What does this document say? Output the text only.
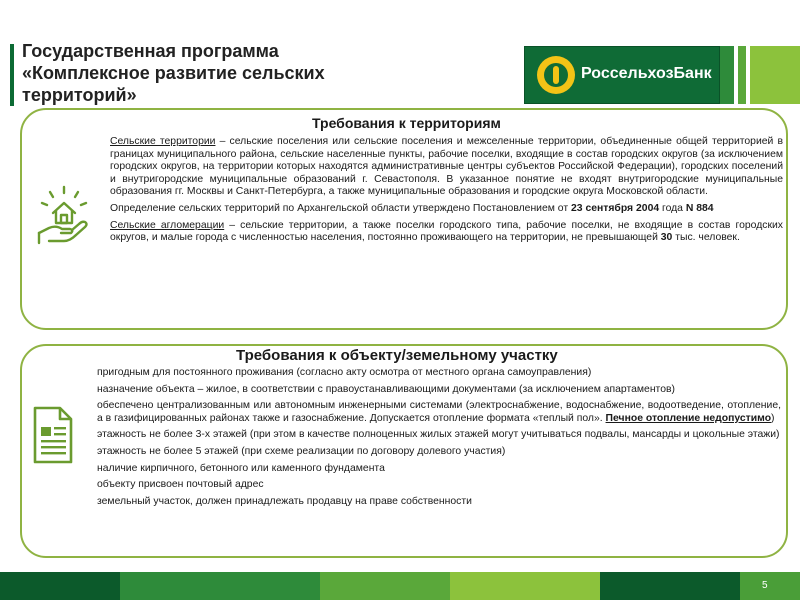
Государственная программа
«Комплексное развитие сельских
территорий»
РоссельхозБанк
Требования к территориям

Сельские территории – сельские поселения или сельские поселения и межселенные территории, объединенные общей территорией в границах муниципального района, сельские населенные пункты, рабочие поселки, входящие в состав городских округов (за исключением городских округов, на территории которых находятся административные центры субъектов Российской Федерации), городских поселений и внутригородские муниципальные образований г. Севастополя. В указанное понятие не входят внутригородские муниципальные образования гг. Москвы и Санкт-Петербурга, а также муниципальные образования и городские округа Московской области.

Определение сельских территорий по Архангельской области утверждено Постановлением от 23 сентября 2004 года N 884

Сельские агломерации – сельские территории, а также поселки городского типа, рабочие поселки, не входящие в состав городских округов, и малые города с численностью населения, постоянно проживающего на территории, не превышающей 30 тыс. человек.

Требования к объекту/земельному участку
пригодным для постоянного проживания (согласно акту осмотра от местного органа самоуправления)
назначение объекта – жилое, в соответствии с правоустанавливающими документами (за исключением апартаментов)
обеспечено централизованным или автономным инженерными системами (электроснабжение, водоснабжение, водоотведение, отопление, а в газифицированных районах также и газоснабжение. Допускается отопление формата «теплый пол». Печное отопление недопустимо)
этажность не более 3-х этажей (при этом в качестве полноценных жилых этажей могут учитываться подвалы, мансарды и цокольные этажи)
этажность не более 5 этажей (при схеме реализации по договору долевого участия)
наличие кирпичного, бетонного или каменного фундамента
объекту присвоен почтовый адрес
земельный участок, должен принадлежать продавцу на праве собственности
5
